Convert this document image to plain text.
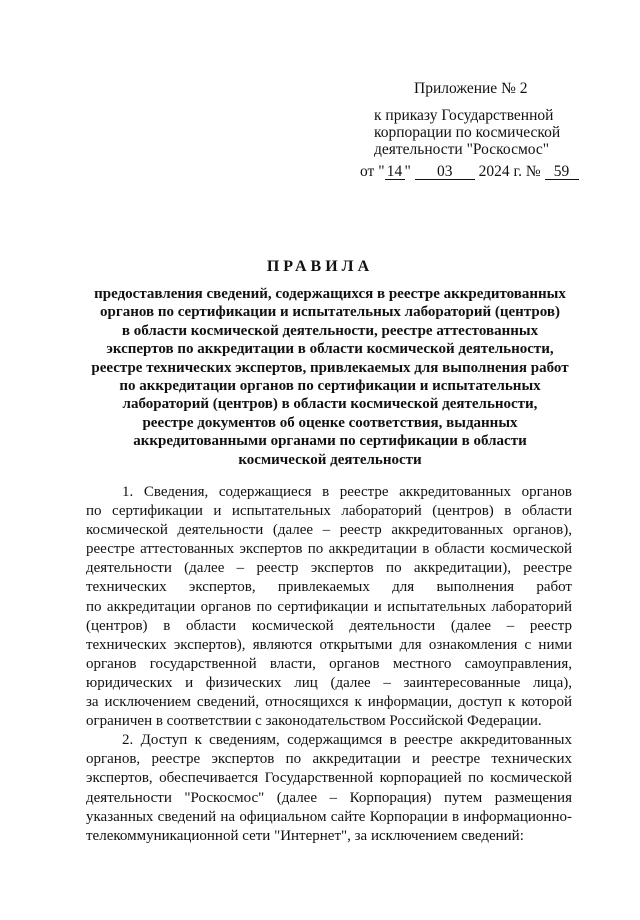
Приложение № 2
к приказу Государственной
корпорации по космической
деятельности "Роскосмос"
от " 14 " 03 2024 г. № 59
ПРАВИЛА
предоставления сведений, содержащихся в реестре аккредитованных
органов по сертификации и испытательных лабораторий (центров)
в области космической деятельности, реестре аттестованных
экспертов по аккредитации в области космической деятельности,
реестре технических экспертов, привлекаемых для выполнения работ
по аккредитации органов по сертификации и испытательных
лабораторий (центров) в области космической деятельности,
реестре документов об оценке соответствия, выданных
аккредитованными органами по сертификации в области
космической деятельности
1. Сведения, содержащиеся в реестре аккредитованных органов
по сертификации и испытательных лабораторий (центров) в области
космической деятельности (далее – реестр аккредитованных органов),
реестре аттестованных экспертов по аккредитации в области космической
деятельности (далее – реестр экспертов по аккредитации), реестре
технических экспертов, привлекаемых для выполнения работ
по аккредитации органов по сертификации и испытательных лабораторий
(центров) в области космической деятельности (далее – реестр
технических экспертов), являются открытыми для ознакомления с ними
органов государственной власти, органов местного самоуправления,
юридических и физических лиц (далее – заинтересованные лица),
за исключением сведений, относящихся к информации, доступ к которой
ограничен в соответствии с законодательством Российской Федерации.
2. Доступ к сведениям, содержащимся в реестре аккредитованных
органов, реестре экспертов по аккредитации и реестре технических
экспертов, обеспечивается Государственной корпорацией по космической
деятельности "Роскосмос" (далее – Корпорация) путем размещения
указанных сведений на официальном сайте Корпорации в информационно-
телекоммуникационной сети "Интернет", за исключением сведений:
